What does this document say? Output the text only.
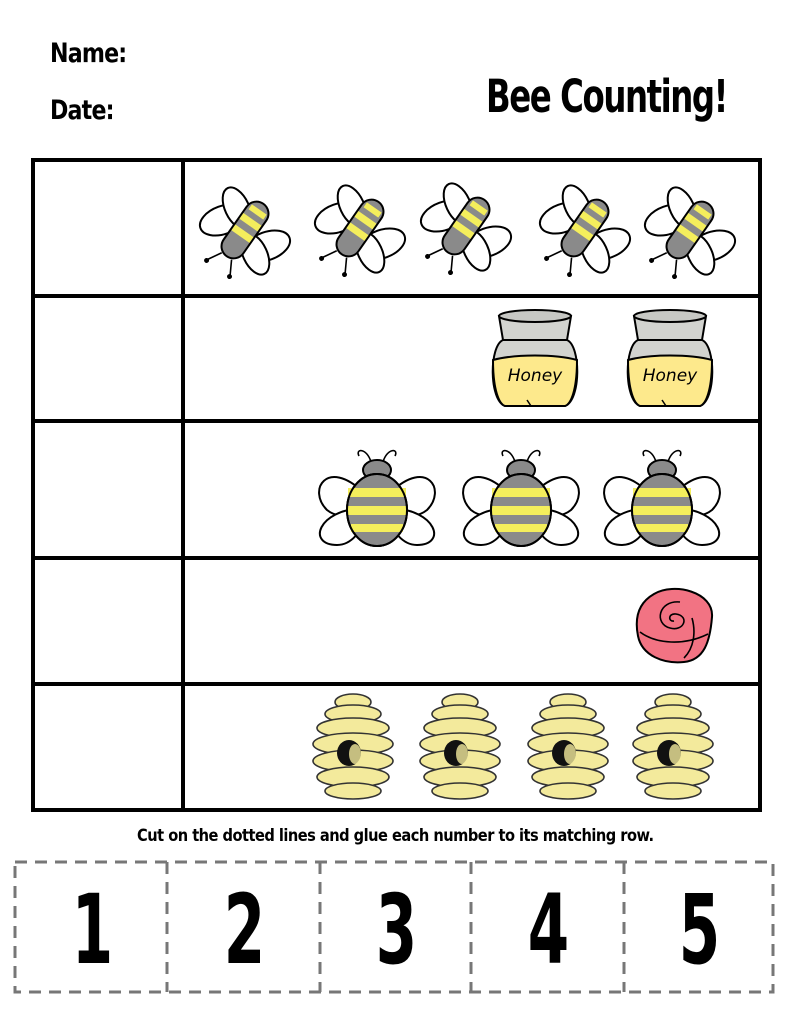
Name:
Date:	Bee Counting!
Honey	Honey
Cut on the dotted lines and glue each number to its matching row.
1	2	3	4	5
